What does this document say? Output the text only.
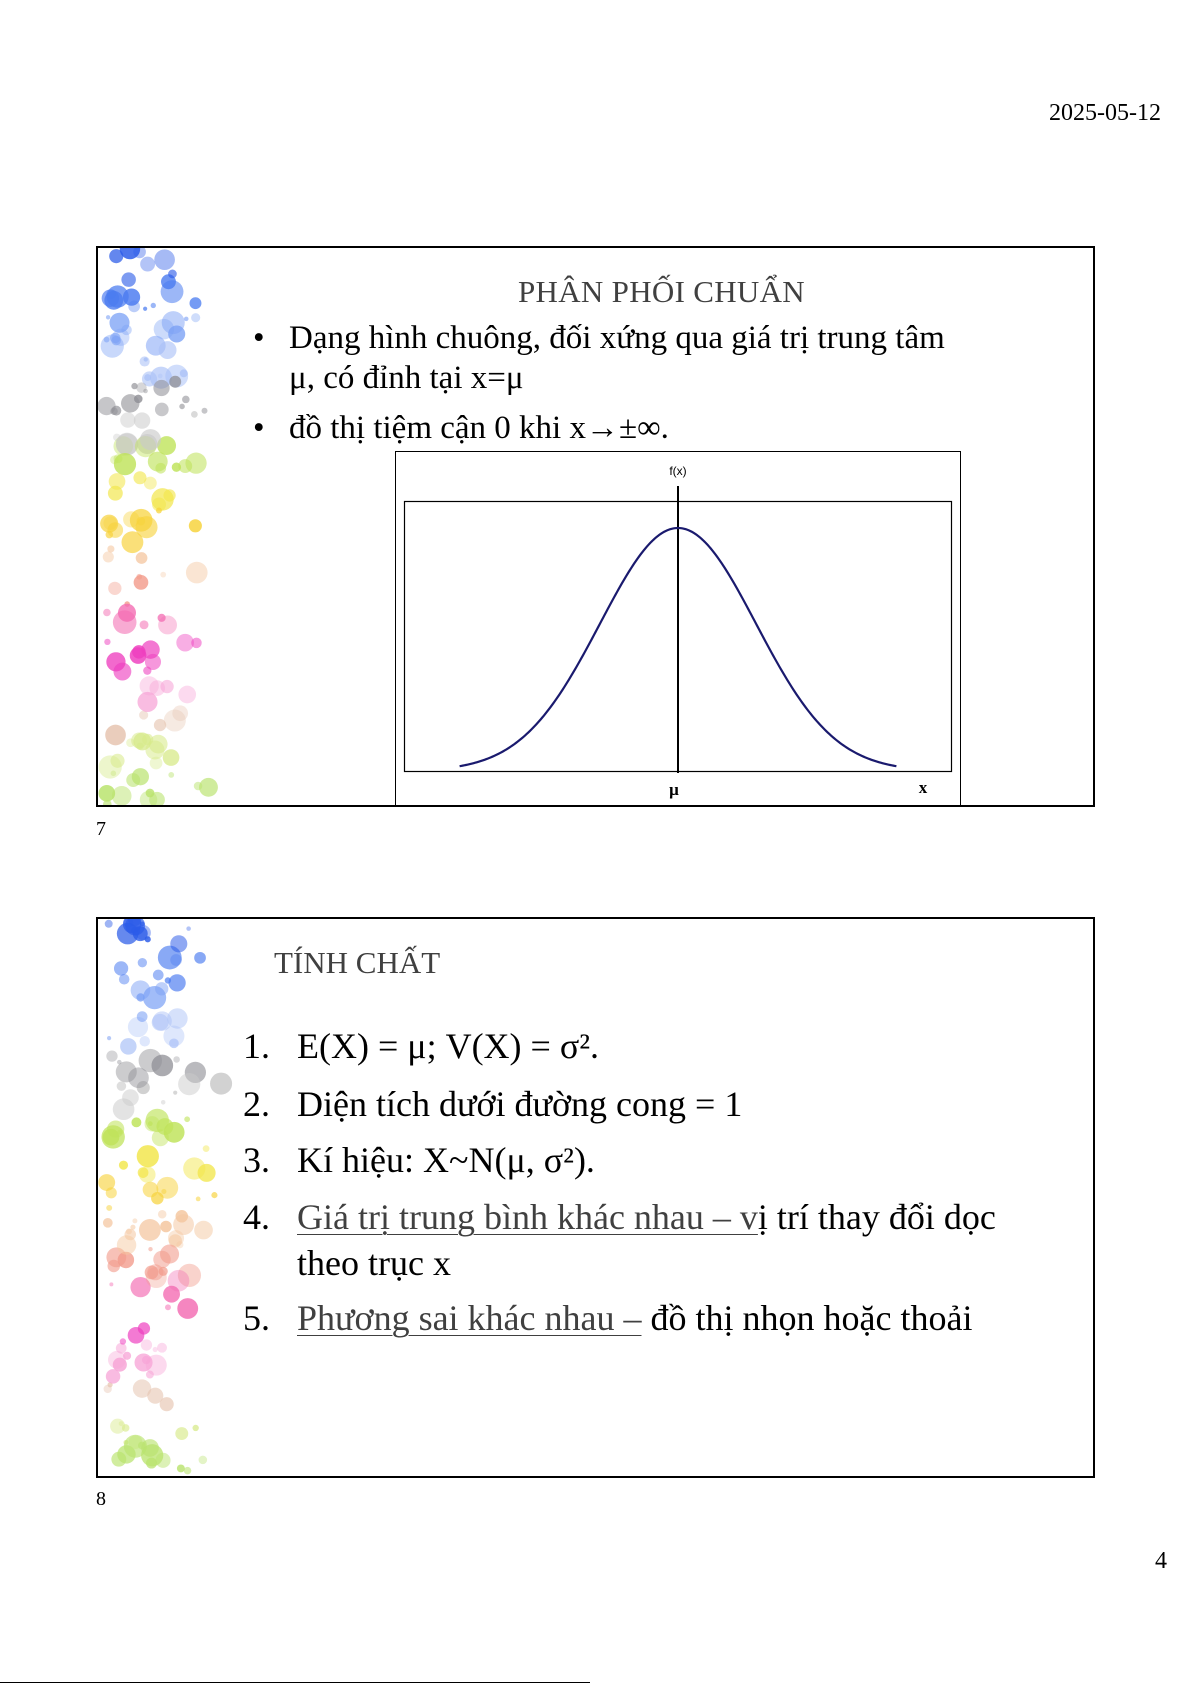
2025-05-12
PHÂN PHỐI CHUẨN
• Dạng hình chuông, đối xứng qua giá trị trung tâm μ, có đỉnh tại x=μ
• đồ thị tiệm cận 0 khi x→±∞.
f(x)
μ	x
7
TÍNH CHẤT
1. E(X) = μ; V(X) = σ².
2. Diện tích dưới đường cong = 1
3. Kí hiệu: X~N(μ, σ²).
4. Giá trị trung bình khác nhau – vị trí thay đổi dọc theo trục x
5. Phương sai khác nhau – đồ thị nhọn hoặc thoải
8
4
